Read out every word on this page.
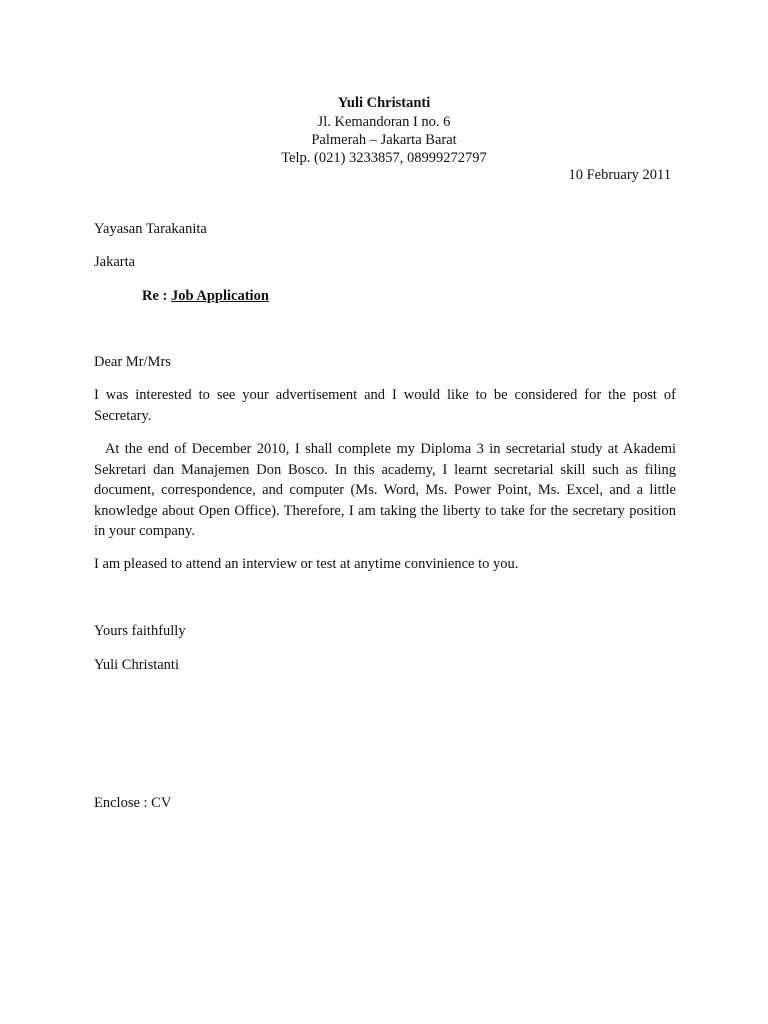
Yuli Christanti
Jl. Kemandoran I no. 6
Palmerah – Jakarta Barat
Telp. (021) 3233857, 08999272797
10 February 2011
Yayasan Tarakanita
Jakarta
Re : Job Application
Dear Mr/Mrs
I was interested to see your advertisement and I would like to be considered for the post of Secretary.
At the end of December 2010, I shall complete my Diploma 3 in secretarial study at Akademi Sekretari dan Manajemen Don Bosco. In this academy, I learnt secretarial skill such as filing document, correspondence, and computer (Ms. Word, Ms. Power Point, Ms. Excel, and a little knowledge about Open Office). Therefore, I am taking the liberty to take for the secretary position in your company.
I am pleased to attend an interview or test at anytime convinience to you.
Yours faithfully
Yuli Christanti
Enclose : CV
